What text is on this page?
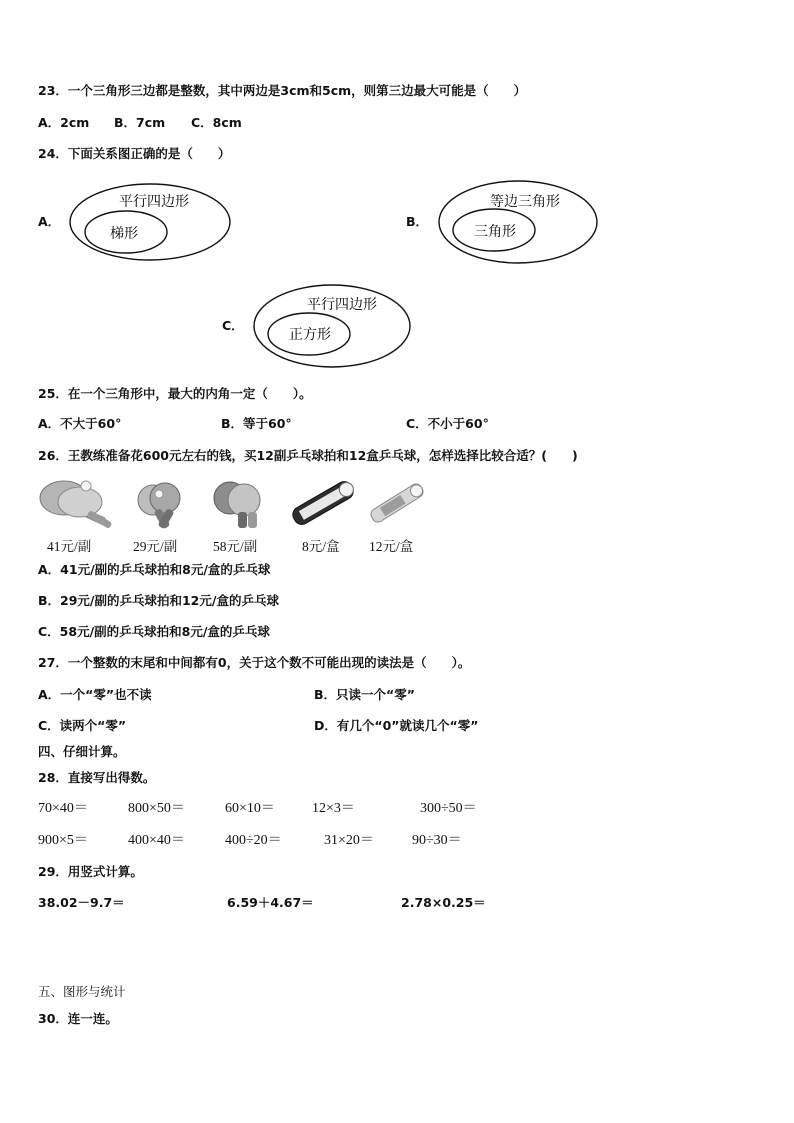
23．一个三角形三边都是整数，其中两边是3cm和5cm，则第三边最大可能是（　　）
A．2cm B．7cm C．8cm
24．下面关系图正确的是（　　）
A．
平行四边形
梯形
B．
等边三角形
三角形
C．
平行四边形
正方形
25．在一个三角形中，最大的内角一定（　　）。
A．不大于60°	B．等于60°	C．不小于60°
26．王教练准备花600元左右的钱，买12副乒乓球拍和12盒乒乓球，怎样选择比较合适？(　　)
41元/副	29元/副	58元/副	8元/盒 12元/盒
A．41元/副的乒乓球拍和8元/盒的乒乓球
B．29元/副的乒乓球拍和12元/盒的乒乓球
C．58元/副的乒乓球拍和8元/盒的乒乓球
27．一个整数的末尾和中间都有0，关于这个数不可能出现的读法是（　　）。
A．一个“零”也不读	B．只读一个“零”
C．读两个“零”	D．有几个“0”就读几个“零”
四、仔细计算。
28．直接写出得数。
70×40＝	800×50＝	60×10＝	12×3＝	300÷50＝
900×5＝	400×40＝	400÷20＝	31×20＝	90÷30＝
29．用竖式计算。
38.02－9.7＝	6.59＋4.67＝	2.78×0.25＝
五、图形与统计
30．连一连。
